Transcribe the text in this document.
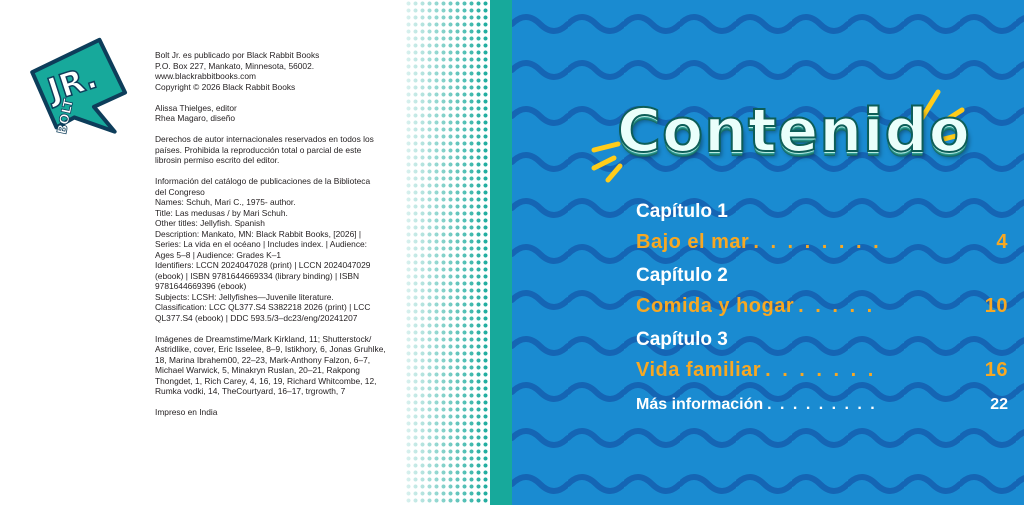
JR.
BOLT

Bolt Jr. es publicado por Black Rabbit Books
P.O. Box 227, Mankato, Minnesota, 56002.
www.blackrabbitbooks.com
Copyright © 2026 Black Rabbit Books

Alissa Thielges, editor
Rhea Magaro, diseño

Derechos de autor internacionales reservados en todos los
países. Prohibida la reproducción total o parcial de este
librosin permiso escrito del editor.

Información del catálogo de publicaciones de la Biblioteca
del Congreso
Names: Schuh, Mari C., 1975- author.
Title: Las medusas / by Mari Schuh.
Other titles: Jellyfish. Spanish
Description: Mankato, MN: Black Rabbit Books, [2026] |
Series: La vida en el océano | Includes index. | Audience:
Ages 5–8 | Audience: Grades K–1
Identifiers: LCCN 2024047028 (print) | LCCN 2024047029
(ebook) | ISBN 9781644669334 (library binding) | ISBN
9781644669396 (ebook)
Subjects: LCSH: Jellyfishes—Juvenile literature.
Classification: LCC QL377.S4 S382218 2026 (print) | LCC
QL377.S4 (ebook) | DDC 593.5/3–dc23/eng/20241207

Imágenes de Dreamstime/Mark Kirkland, 11; Shutterstock/
Astridlike, cover, Eric Isselee, 8–9, Istikhory, 6, Jonas Gruhlke,
18, Marina Ibrahem00, 22–23, Mark-Anthony Falzon, 6–7,
Michael Warwick, 5, Minakryn Ruslan, 20–21, Rakpong
Thongdet, 1, Rich Carey, 4, 16, 19, Richard Whitcombe, 12,
Rumka vodki, 14, TheCourtyard, 16–17, trgrowth, 7

Impreso en India

Contenido
Capítulo 1
Bajo el mar . . . . . . . .	4
Capítulo 2
Comida y hogar . . . . .	10
Capítulo 3
Vida familiar . . . . . . .	16
Más información . . . . . . . . .	22
